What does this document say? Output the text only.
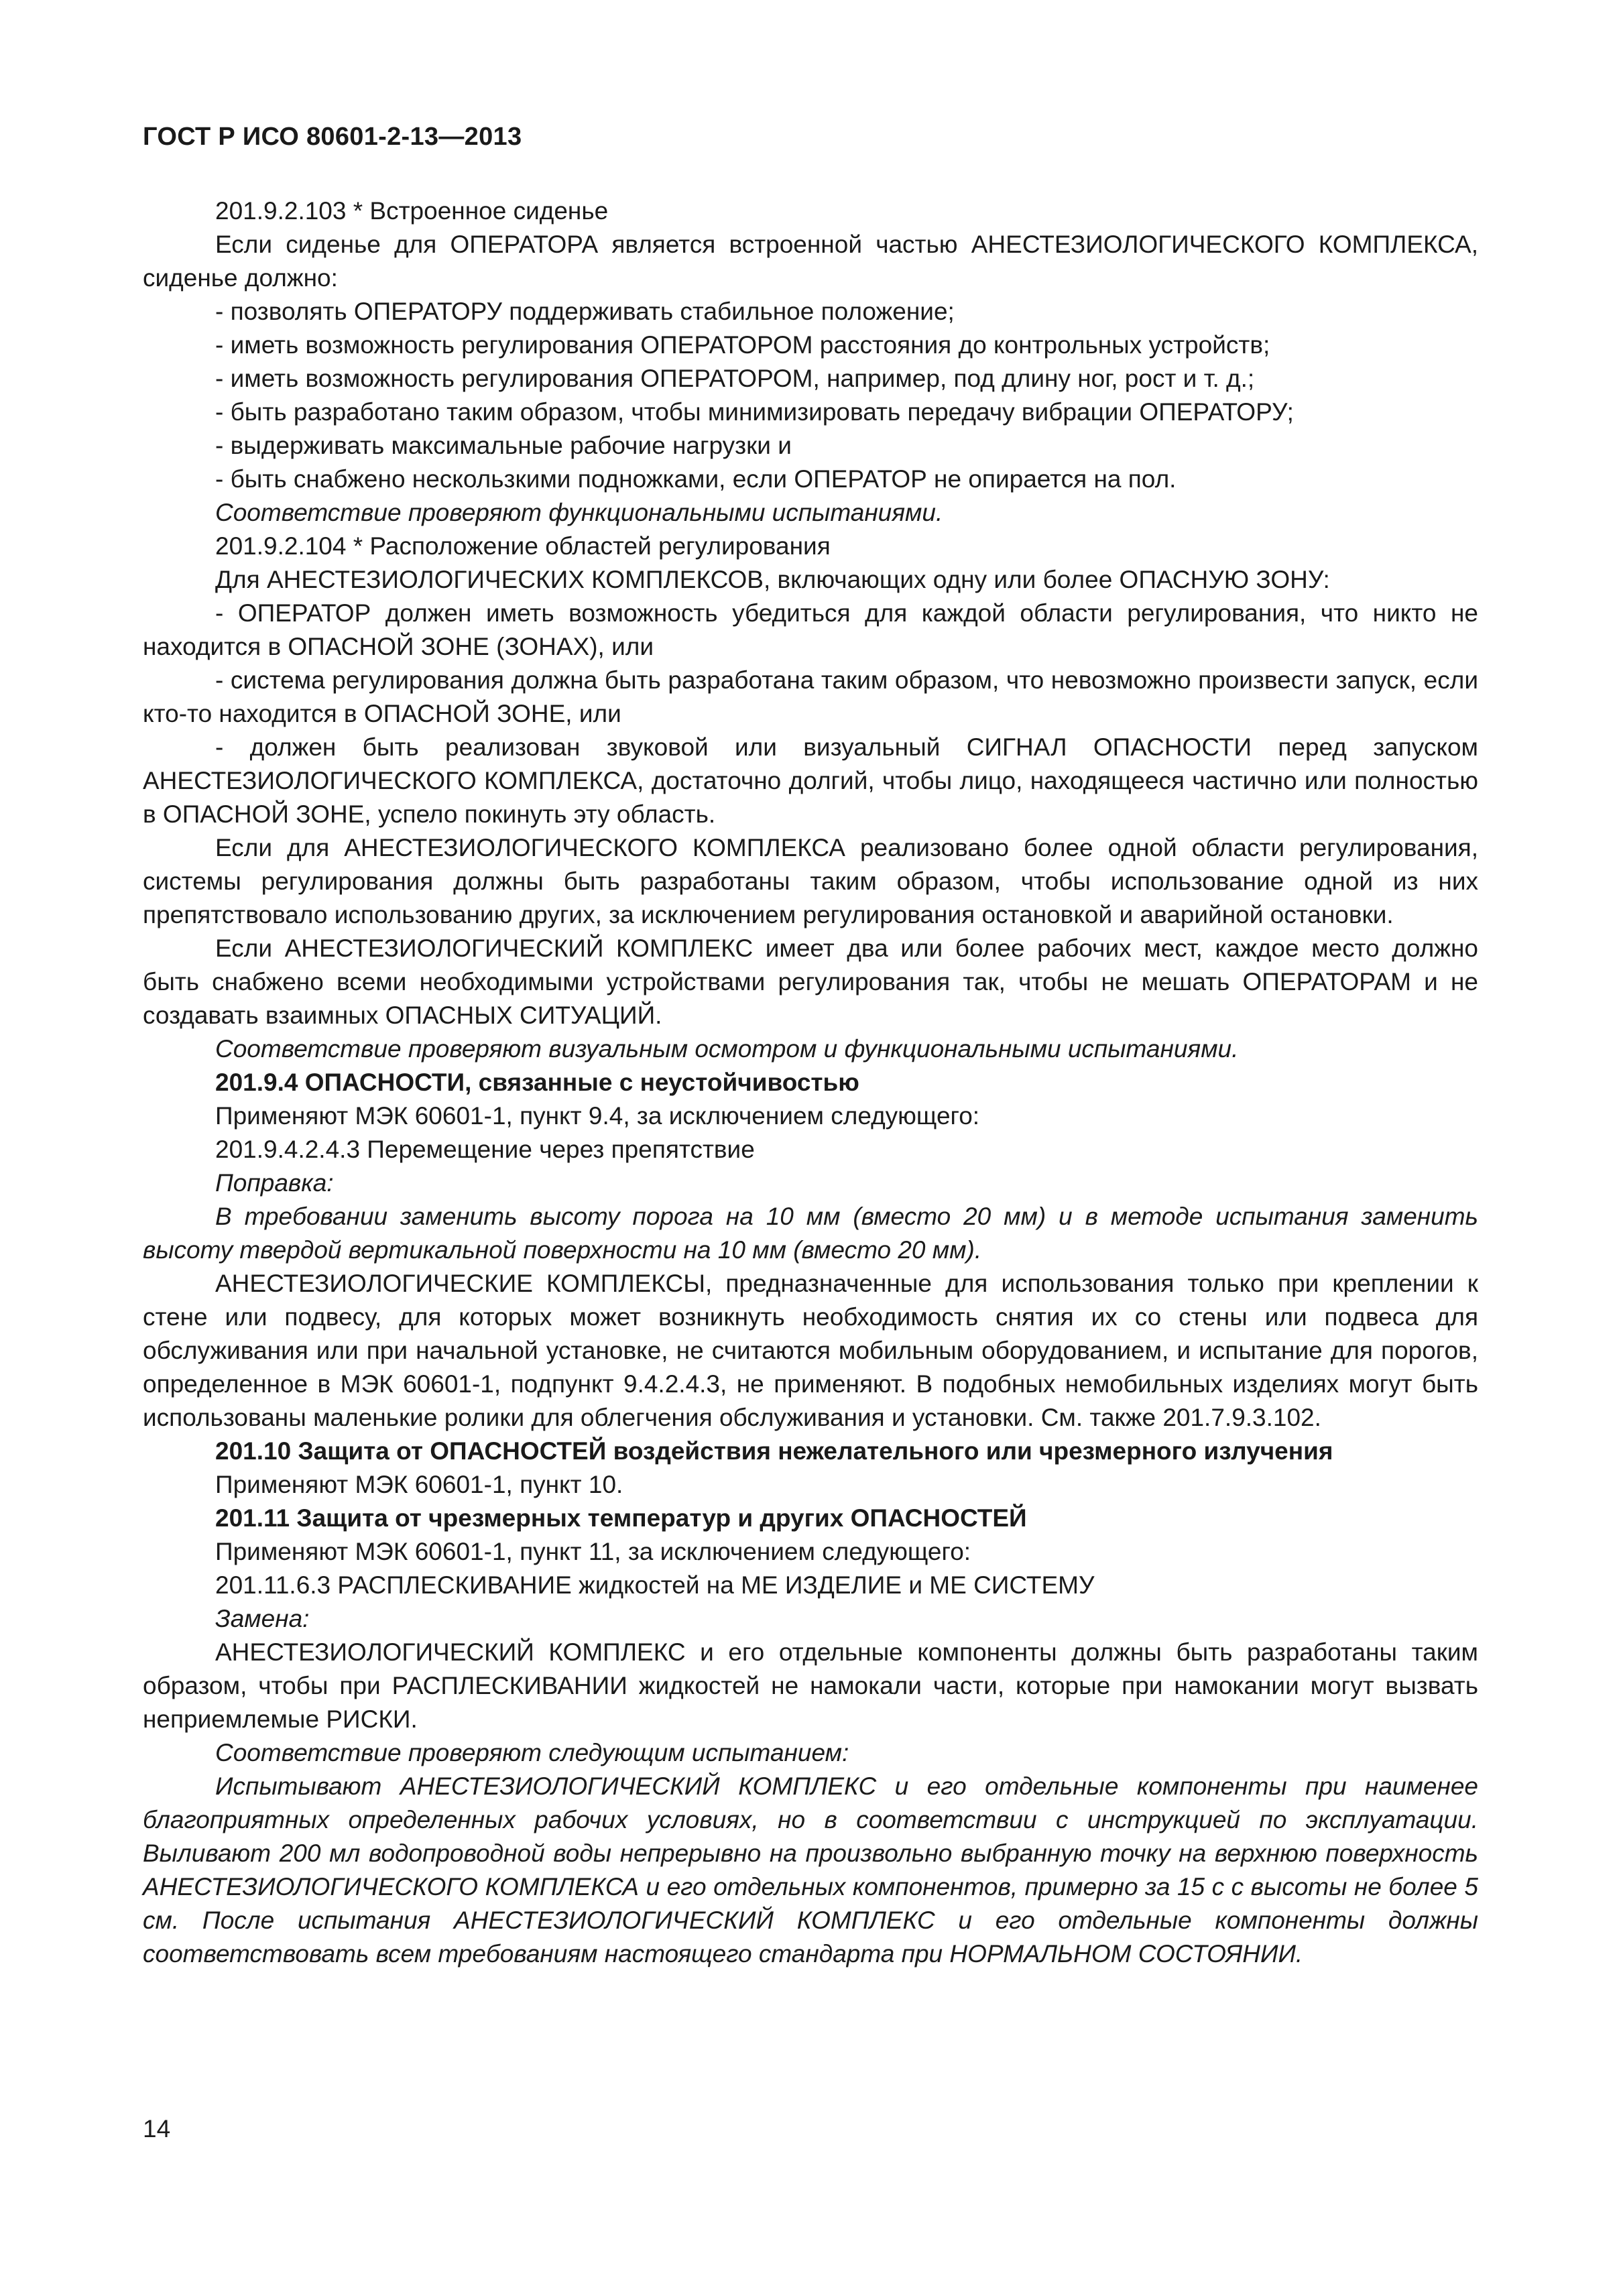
ГОСТ Р ИСО 80601-2-13—2013

201.9.2.103 * Встроенное сиденье

Если сиденье для ОПЕРАТОРА является встроенной частью АНЕСТЕЗИОЛОГИЧЕСКОГО КОМПЛЕКСА, сиденье должно:

- позволять ОПЕРАТОРУ поддерживать стабильное положение;

- иметь возможность регулирования ОПЕРАТОРОМ расстояния до контрольных устройств;

- иметь возможность регулирования ОПЕРАТОРОМ, например, под длину ног, рост и т. д.;

- быть разработано таким образом, чтобы минимизировать передачу вибрации ОПЕРАТОРУ;

- выдерживать максимальные рабочие нагрузки и

- быть снабжено нескользкими подножками, если ОПЕРАТОР не опирается на пол.

Соответствие проверяют функциональными испытаниями.

201.9.2.104 * Расположение областей регулирования

Для АНЕСТЕЗИОЛОГИЧЕСКИХ КОМПЛЕКСОВ, включающих одну или более ОПАСНУЮ ЗОНУ:

- ОПЕРАТОР должен иметь возможность убедиться для каждой области регулирования, что никто не находится в ОПАСНОЙ ЗОНЕ (ЗОНАХ), или

- система регулирования должна быть разработана таким образом, что невозможно произвести запуск, если кто-то находится в ОПАСНОЙ ЗОНЕ, или

- должен быть реализован звуковой или визуальный СИГНАЛ ОПАСНОСТИ перед запуском АНЕСТЕЗИОЛОГИЧЕСКОГО КОМПЛЕКСА, достаточно долгий, чтобы лицо, находящееся частично или полностью в ОПАСНОЙ ЗОНЕ, успело покинуть эту область.

Если для АНЕСТЕЗИОЛОГИЧЕСКОГО КОМПЛЕКСА реализовано более одной области регулирования, системы регулирования должны быть разработаны таким образом, чтобы использование одной из них препятствовало использованию других, за исключением регулирования остановкой и аварийной остановки.

Если АНЕСТЕЗИОЛОГИЧЕСКИЙ КОМПЛЕКС имеет два или более рабочих мест, каждое место должно быть снабжено всеми необходимыми устройствами регулирования так, чтобы не мешать ОПЕРАТОРАМ и не создавать взаимных ОПАСНЫХ СИТУАЦИЙ.

Соответствие проверяют визуальным осмотром и функциональными испытаниями.

201.9.4 ОПАСНОСТИ, связанные с неустойчивостью

Применяют МЭК 60601-1, пункт 9.4, за исключением следующего:

201.9.4.2.4.3 Перемещение через препятствие

Поправка:

В требовании заменить высоту порога на 10 мм (вместо 20 мм) и в методе испытания заменить высоту твердой вертикальной поверхности на 10 мм (вместо 20 мм).

АНЕСТЕЗИОЛОГИЧЕСКИЕ КОМПЛЕКСЫ, предназначенные для использования только при креплении к стене или подвесу, для которых может возникнуть необходимость снятия их со стены или подвеса для обслуживания или при начальной установке, не считаются мобильным оборудованием, и испытание для порогов, определенное в МЭК 60601-1, подпункт 9.4.2.4.3, не применяют. В подобных немобильных изделиях могут быть использованы маленькие ролики для облегчения обслуживания и установки. См. также 201.7.9.3.102.

201.10 Защита от ОПАСНОСТЕЙ воздействия нежелательного или чрезмерного излучения

Применяют МЭК 60601-1, пункт 10.

201.11 Защита от чрезмерных температур и других ОПАСНОСТЕЙ

Применяют МЭК 60601-1, пункт 11, за исключением следующего:

201.11.6.3 РАСПЛЕСКИВАНИЕ жидкостей на МЕ ИЗДЕЛИЕ и МЕ СИСТЕМУ

Замена:

АНЕСТЕЗИОЛОГИЧЕСКИЙ КОМПЛЕКС и его отдельные компоненты должны быть разработаны таким образом, чтобы при РАСПЛЕСКИВАНИИ жидкостей не намокали части, которые при намокании могут вызвать неприемлемые РИСКИ.

Соответствие проверяют следующим испытанием:

Испытывают АНЕСТЕЗИОЛОГИЧЕСКИЙ КОМПЛЕКС и его отдельные компоненты при наименее благоприятных определенных рабочих условиях, но в соответствии с инструкцией по эксплуатации. Выливают 200 мл водопроводной воды непрерывно на произвольно выбранную точку на верхнюю поверхность АНЕСТЕЗИОЛОГИЧЕСКОГО КОМПЛЕКСА и его отдельных компонентов, примерно за 15 с с высоты не более 5 см. После испытания АНЕСТЕЗИОЛОГИЧЕСКИЙ КОМПЛЕКС и его отдельные компоненты должны соответствовать всем требованиям настоящего стандарта при НОРМАЛЬНОМ СОСТОЯНИИ.

14
